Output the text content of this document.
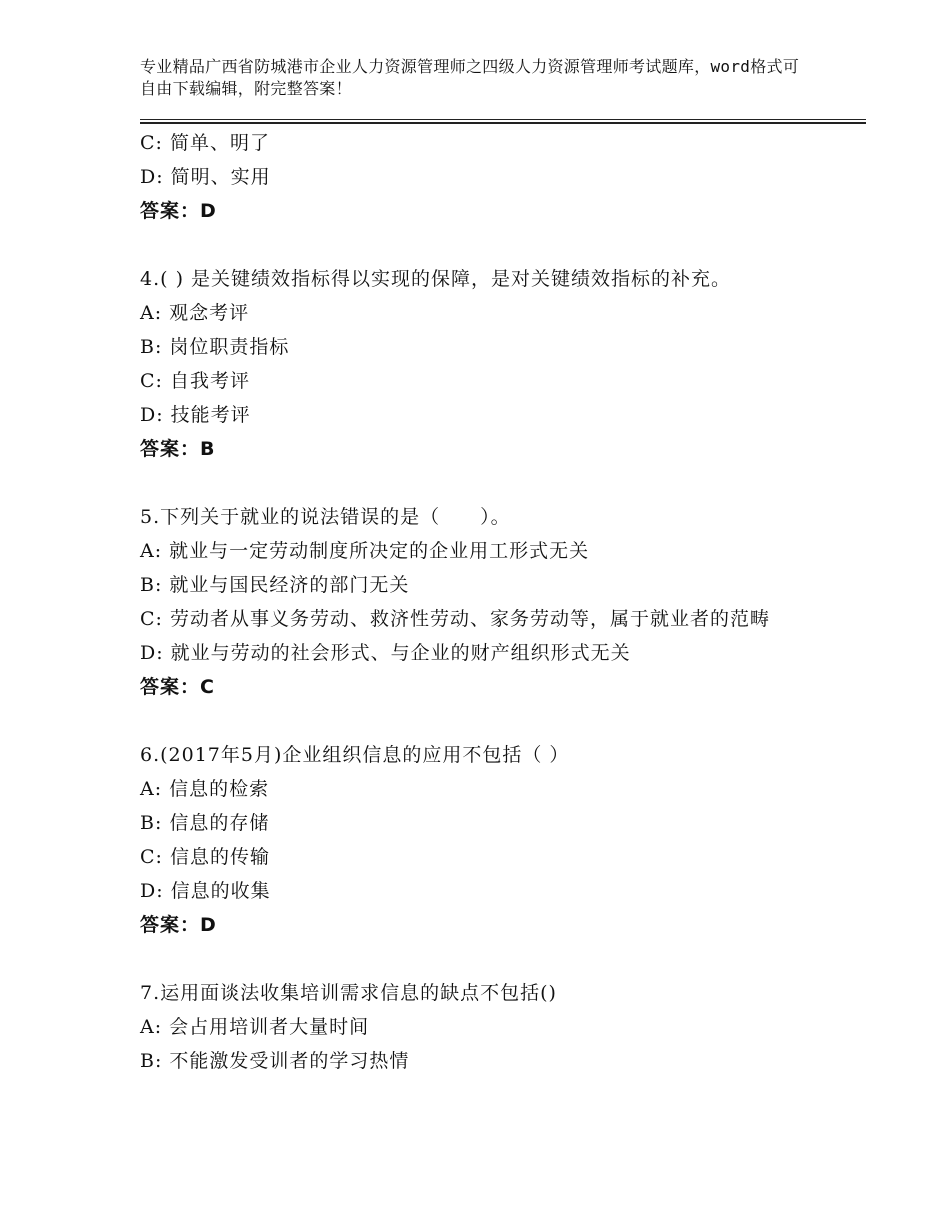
专业精品广西省防城港市企业人力资源管理师之四级人力资源管理师考试题库，word格式可自由下载编辑，附完整答案！
C: 简单、明了
D: 简明、实用
答案：D
4.( ) 是关键绩效指标得以实现的保障，是对关键绩效指标的补充。
A: 观念考评
B: 岗位职责指标
C: 自我考评
D: 技能考评
答案：B
5.下列关于就业的说法错误的是（　　）。
A: 就业与一定劳动制度所决定的企业用工形式无关
B: 就业与国民经济的部门无关
C: 劳动者从事义务劳动、救济性劳动、家务劳动等，属于就业者的范畴
D: 就业与劳动的社会形式、与企业的财产组织形式无关
答案：C
6.(2017年5月)企业组织信息的应用不包括（ ）
A: 信息的检索
B: 信息的存储
C: 信息的传输
D: 信息的收集
答案：D
7.运用面谈法收集培训需求信息的缺点不包括()
A: 会占用培训者大量时间
B: 不能激发受训者的学习热情
